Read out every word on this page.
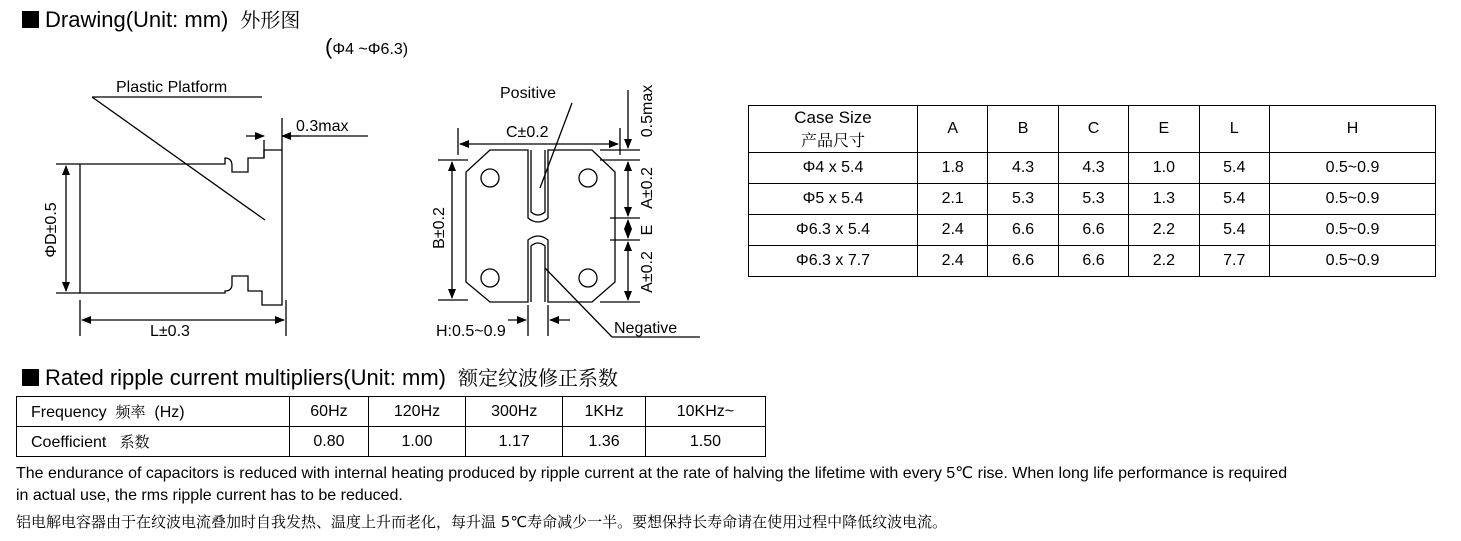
Drawing(Unit: mm) 外形图
(Φ4 ~Φ6.3)
Plastic Platform
0.3max
ΦD±0.5
L±0.3
Positive
C±0.2
B±0.2
H:0.5~0.9	Negative
0.5max
A±0.2
E
A±0.2
Case Size
产品尺寸	A	B	C	E	L	H
Φ4 x 5.4	1.8	4.3	4.3	1.0	5.4	0.5~0.9
Φ5 x 5.4	2.1	5.3	5.3	1.3	5.4	0.5~0.9
Φ6.3 x 5.4	2.4	6.6	6.6	2.2	5.4	0.5~0.9
Φ6.3 x 7.7	2.4	6.6	6.6	2.2	7.7	0.5~0.9
Rated ripple current multipliers(Unit: mm) 额定纹波修正系数
Frequency 频率 (Hz)	60Hz	120Hz	300Hz	1KHz	10KHz~
Coefficient 系数	0.80	1.00	1.17	1.36	1.50
The endurance of capacitors is reduced with internal heating produced by ripple current at the rate of halving the lifetime with every 5℃ rise. When long life performance is required
in actual use, the rms ripple current has to be reduced.
铝电解电容器由于在纹波电流叠加时自我发热、温度上升而老化，每升温 5℃寿命减少一半。要想保持长寿命请在使用过程中降低纹波电流。
